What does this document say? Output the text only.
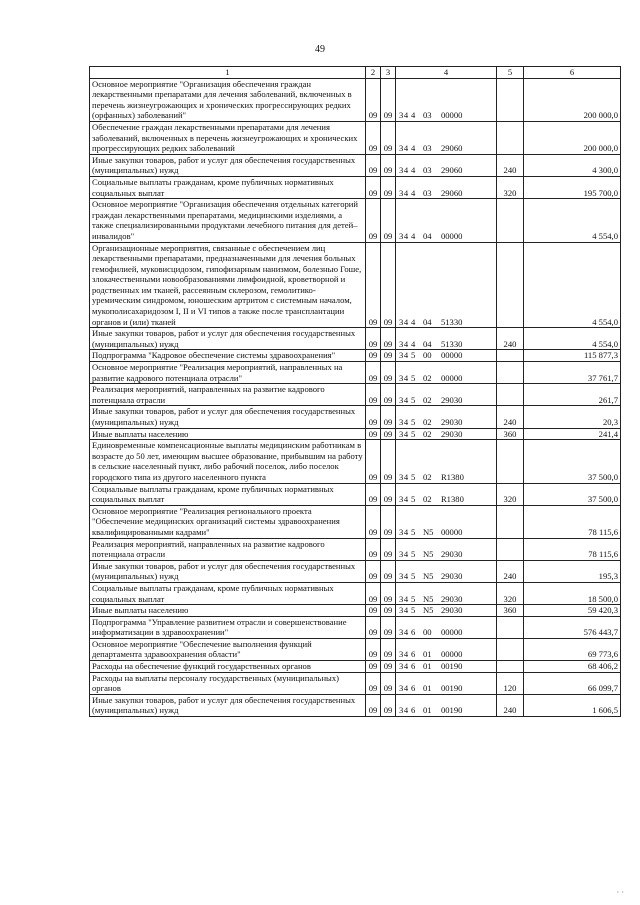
49
1	2	3	4	5	6
Основное мероприятие "Организация обеспечения граждан лекарственными препаратами для лечения заболеваний, включенных в перечень жизнеугрожающих и хронических прогрессирующих редких (орфанных) заболеваний"	09	09	34 4 03 00000		200 000,0
Обеспечение граждан лекарственными препаратами для лечения заболеваний, включенных в перечень жизнеугрожающих и хронических прогрессирующих редких заболеваний	09	09	34 4 03 29060		200 000,0
Иные закупки товаров, работ и услуг для обеспечения государственных (муниципальных) нужд	09	09	34 4 03 29060	240	4 300,0
Социальные выплаты гражданам, кроме публичных нормативных социальных выплат	09	09	34 4 03 29060	320	195 700,0
Основное мероприятие "Организация обеспечения отдельных категорий граждан лекарственными препаратами, медицинскими изделиями, а также специализированными продуктами лечебного питания для детей–инвалидов"	09	09	34 4 04 00000		4 554,0
Организационные мероприятия, связанные с обеспечением лиц лекарственными препаратами, предназначенными для лечения больных гемофилией, муковисцидозом, гипофизарным нанизмом, болезнью Гоше, злокачественными новообразованиями лимфоидной, кроветворной и родственных им тканей, рассеянным склерозом, гемолитико-уремическим синдромом, юношеским артритом с системным началом, мукополисахаридозом I, II и VI типов а также после трансплантации органов и (или) тканей	09	09	34 4 04 51330		4 554,0
Иные закупки товаров, работ и услуг для обеспечения государственных (муниципальных) нужд	09	09	34 4 04 51330	240	4 554,0
Подпрограмма "Кадровое обеспечение системы здравоохранения"	09	09	34 5 00 00000		115 877,3
Основное мероприятие "Реализация мероприятий, направленных на развитие кадрового потенциала отрасли"	09	09	34 5 02 00000		37 761,7
Реализация мероприятий, направленных на развитие кадрового потенциала отрасли	09	09	34 5 02 29030		261,7
Иные закупки товаров, работ и услуг для обеспечения государственных (муниципальных) нужд	09	09	34 5 02 29030	240	20,3
Иные выплаты населению	09	09	34 5 02 29030	360	241,4
Единовременные компенсационные выплаты медицинским работникам в возрасте до 50 лет, имеющим высшее образование, прибывшим на работу в сельские населенный пункт, либо рабочий поселок, либо поселок городского типа из другого населенного пункта	09	09	34 5 02 R1380		37 500,0
Социальные выплаты гражданам, кроме публичных нормативных социальных выплат	09	09	34 5 02 R1380	320	37 500,0
Основное мероприятие "Реализация регионального проекта "Обеспечение медицинских организаций системы здравоохранения квалифицированными кадрами"	09	09	34 5 N5 00000		78 115,6
Реализация мероприятий, направленных на развитие кадрового потенциала отрасли	09	09	34 5 N5 29030		78 115,6
Иные закупки товаров, работ и услуг для обеспечения государственных (муниципальных) нужд	09	09	34 5 N5 29030	240	195,3
Социальные выплаты гражданам, кроме публичных нормативных социальных выплат	09	09	34 5 N5 29030	320	18 500,0
Иные выплаты населению	09	09	34 5 N5 29030	360	59 420,3
Подпрограмма "Управление развитием отрасли и совершенствование информатизации в здравоохранении"	09	09	34 6 00 00000		576 443,7
Основное мероприятие "Обеспечение выполнения функций департамента здравоохранения области"	09	09	34 6 01 00000		69 773,6
Расходы на обеспечение функций государственных органов	09	09	34 6 01 00190		68 406,2
Расходы на выплаты персоналу государственных (муниципальных) органов	09	09	34 6 01 00190	120	66 099,7
Иные закупки товаров, работ и услуг для обеспечения государственных (муниципальных) нужд	09	09	34 6 01 00190	240	1 606,5
· ·
